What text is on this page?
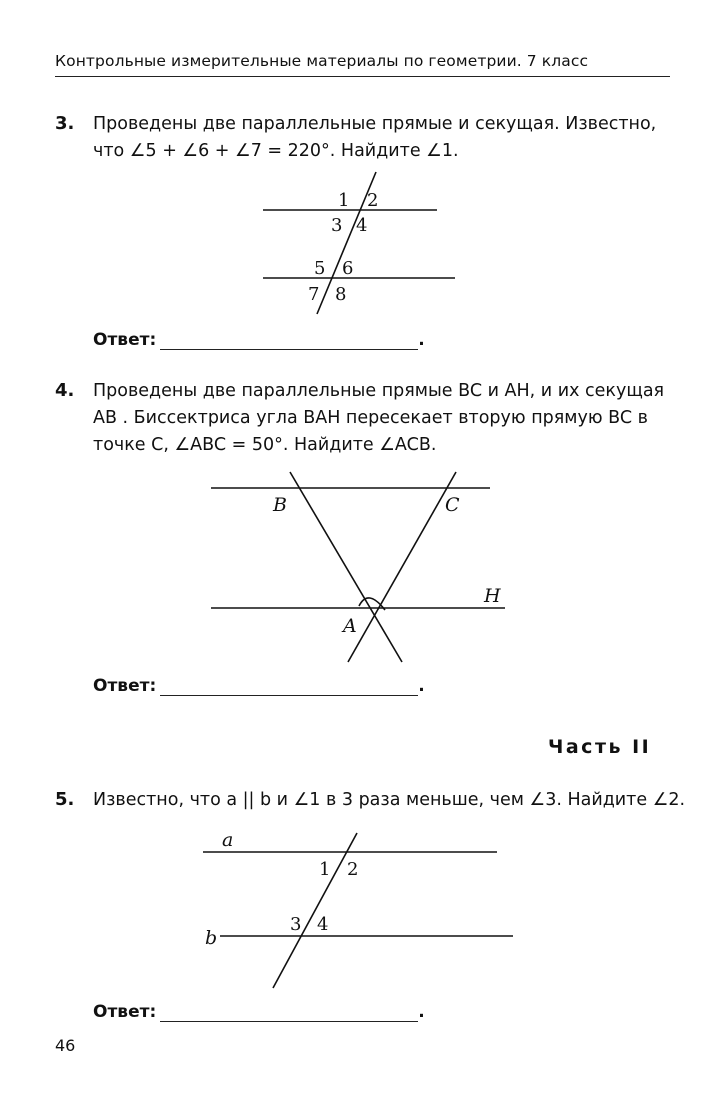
Контрольные измерительные материалы по геометрии. 7 класс
3. Проведены две параллельные прямые и секущая. Известно,
что ∠5 + ∠6 + ∠7 = 220°. Найдите ∠1.
1 2
3 4
5 6
7 8
B	C
A
H
a
b
1 2
3 4
Ответ:	.
4. Проведены две параллельные прямые BC и AH, и их секущая
AB . Биссектриса угла BAH пересекает вторую прямую BC в
точке C, ∠ABC = 50°. Найдите ∠ACB.
Ответ:	.
Часть II
5. Известно, что a || b и ∠1 в 3 раза меньше, чем ∠3. Найдите ∠2.
Ответ:	.
46
